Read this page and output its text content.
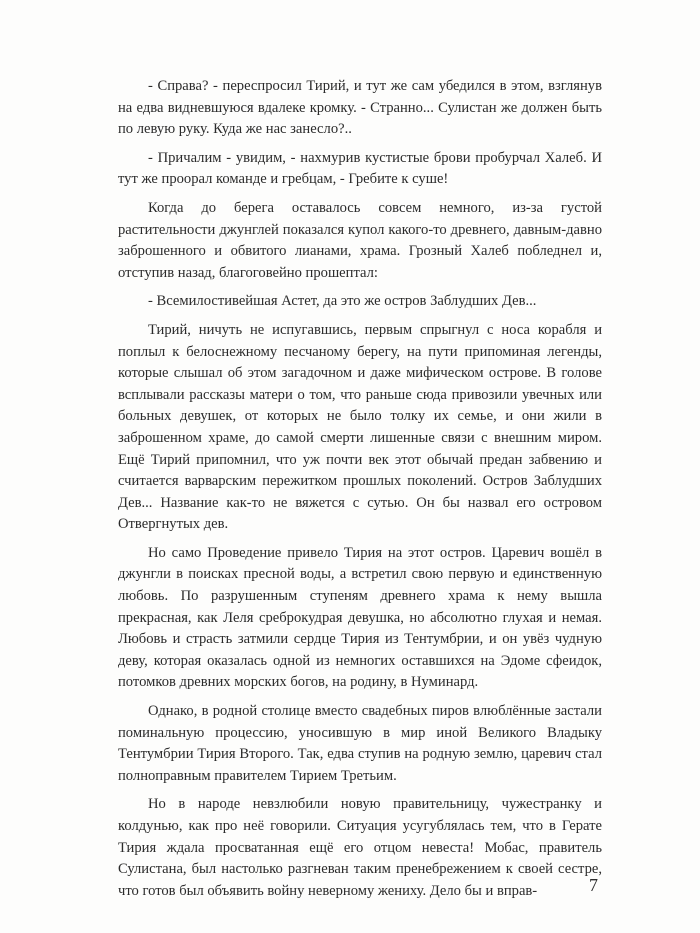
- Справа? - переспросил Тирий, и тут же сам убедился в этом, взглянув на едва видневшуюся вдалеке кромку. - Странно... Сулистан же должен быть по левую руку. Куда же нас занесло?..

- Причалим - увидим, - нахмурив кустистые брови пробурчал Халеб. И тут же проорал команде и гребцам, - Гребите к суше!

Когда до берега оставалось совсем немного, из-за густой растительности джунглей показался купол какого-то древнего, давным-давно заброшенного и обвитого лианами, храма. Грозный Халеб побледнел и, отступив назад, благоговейно прошептал:

- Всемилостивейшая Астет, да это же остров Заблудших Дев...

Тирий, ничуть не испугавшись, первым спрыгнул с носа корабля и поплыл к белоснежному песчаному берегу, на пути припоминая легенды, которые слышал об этом загадочном и даже мифическом острове. В голове всплывали рассказы матери о том, что раньше сюда привозили увечных или больных девушек, от которых не было толку их семье, и они жили в заброшенном храме, до самой смерти лишенные связи с внешним миром. Ещё Тирий припомнил, что уж почти век этот обычай предан забвению и считается варварским пережитком прошлых поколений. Остров Заблудших Дев... Название как-то не вяжется с сутью. Он бы назвал его островом Отвергнутых дев.

Но само Проведение привело Тирия на этот остров. Царевич вошёл в джунгли в поисках пресной воды, а встретил свою первую и единственную любовь. По разрушенным ступеням древнего храма к нему вышла прекрасная, как Леля среброкудрая девушка, но абсолютно глухая и немая. Любовь и страсть затмили сердце Тирия из Тентумбрии, и он увёз чудную деву, которая оказалась одной из немногих оставшихся на Эдоме сфеидок, потомков древних морских богов, на родину, в Нуминард.

Однако, в родной столице вместо свадебных пиров влюблённые застали поминальную процессию, уносившую в мир иной Великого Владыку Тентумбрии Тирия Второго. Так, едва ступив на родную землю, царевич стал полноправным правителем Тирием Третьим.

Но в народе невзлюбили новую правительницу, чужестранку и колдунью, как про неё говорили. Ситуация усугублялась тем, что в Герате Тирия ждала просватанная ещё его отцом невеста! Мобас, правитель Сулистана, был настолько разгневан таким пренебрежением к своей сестре, что готов был объявить войну неверному жениху. Дело бы и вправ-	7
